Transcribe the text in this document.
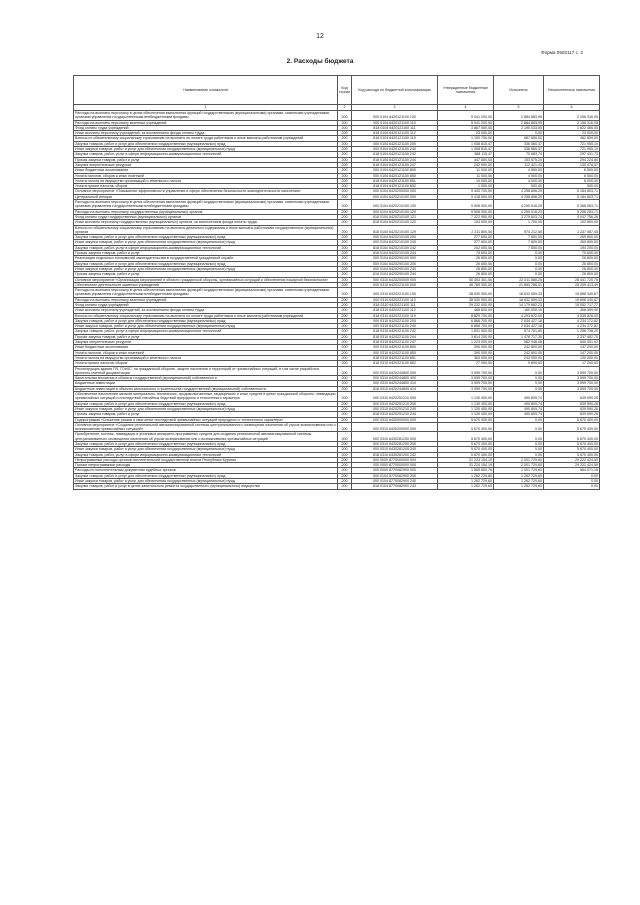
12
Форма 0503117 с. 2
2. Расходы бюджета
Наименование показателя	Код строки	Код расхода по бюджетной классификации	Утвержденные бюджетные назначения	Исполнено	Неисполненные назначения
1	2	3	4	5	6
Расходы на выплаты персоналу в целях обеспечения выполнения функций государственными (муниципальными) органами, казенными учреждениями, органами управления государственными внебюджетными фондами	200	000 0104 6420121100 100	5 041 200,00	2 884 883,95	2 156 316,05
Расходы на выплаты персоналу казенных учреждений	200	000 0104 6420121100 110	5 041 200,00	2 884 883,95	2 156 316,05
Фонд оплаты труда учреждений	200	818 0104 6420121100 111	3 867 500,00	2 195 033,50	1 622 466,50
Иные выплаты персоналу учреждений, за исключением фонда оплаты труда	200	818 0104 6420121100 112	23 000,00	0,00	23 000,00
Взносы по обязательному социальному страхованию на выплаты по оплате труда работников и иные выплаты работникам учреждений	200	818 0104 6420121100 119	1 150 700,00	687 850,00	462 850,00
Закупка товаров, работ и услуг для обеспечения государственных (муниципальных) нужд	200	000 0104 6420121100 200	1 058 815,47	336 560,37	721 955,10
Иные закупки товаров, работ и услуг для обеспечения государственных (муниципальных) нужд	200	000 0104 6420121100 240	1 058 815,47	336 560,37	721 955,10
Закупка товаров, работ, услуг в сфере информационно-коммуникационных технологий	200	818 0104 6420121100 242	368 115,47	70 683,74	297 431,73
Прочая закупка товаров, работ и услуг	200	818 0104 6420121100 244	447 800,00	153 575,20	294 224,80
Закупка энергетических ресурсов	200	818 0104 6420121100 247	242 900,00	112 421,43	130 478,57
Иные бюджетные ассигнования	200	000 0104 6420121100 800	11 000,00	4 500,00	6 500,00
Уплата налогов, сборов и иных платежей	200	000 0104 6420121100 850	11 000,00	4 500,00	6 500,00
Уплата налога на имущество организаций и земельного налога	200	818 0104 6420121100 851	10 000,00	4 000,00	6 000,00
Уплата прочих налогов, сборов	200	818 0104 6420121100 852	1 000,00	500,00	500,00
Основное мероприятие «Повышение эффективности управления в сфере обеспечения безопасности жизнедеятельности населения»	200	000 0104 6420200000 000	9 443 700,00	4 258 896,29	5 184 803,71
Центральный аппарат	200	000 0104 6420210100 000	9 418 900,00	4 258 896,29	5 184 803,71
Расходы на выплаты персоналу в целях обеспечения выполнения функций государственными (муниципальными) органами, казенными учреждениями, органами управления государственными внебюджетными фондами	200	000 0104 6420210100 100	9 508 300,00	4 250 016,29	5 366 063,71
Расходы на выплаты персоналу государственных (муниципальных) органов	200	000 0104 6420210100 120	9 508 300,00	4 250 016,29	5 258 283,71
Фонд оплаты труда государственных (муниципальных) органов	200	818 0104 6420210100 121	7 322 950,00	3 275 603,74	4 047 756,26
Иные выплаты персоналу государственных (муниципальных) органов, за исключением фонда оплаты труда	200	818 0104 6420210100 122	104 500,00	1 700,00	102 800,00
Взносы по обязательному социальному страхованию на выплаты денежного содержания и иные выплаты работникам государственных (муниципальных) органов	200	818 0104 6420210100 129	2 211 800,00	974 212,55	1 237 587,45
Закупка товаров, работ и услуг для обеспечения государственных (муниципальных) нужд	200	000 0104 6420210100 200	277 600,00	7 800,00	269 800,00
Иные закупки товаров, работ и услуг для обеспечения государственных (муниципальных) нужд	200	000 0104 6420210100 240	277 600,00	7 800,00	269 800,00
Закупка товаров, работ, услуг в сфере информационно-коммуникационных технологий	200	818 0104 6420210100 242	202 000,00	7 800,00	194 200,00
Прочая закупка товаров, работ и услуг	200	818 0104 6420210100 244	75 600,00	0,00	75 600,00
Реализация отдельных полномочий законодательства в государственной гражданской службе	200	000 0104 6420290100 000	26 800,00	0,00	26 800,00
Закупка товаров, работ и услуг для обеспечения государственных (муниципальных) нужд	200	000 0104 6420290100 200	26 800,00	0,00	26 800,00
Иные закупки товаров, работ и услуг для обеспечения государственных (муниципальных) нужд	200	000 0104 6420290100 240	26 800,00	0,00	26 800,00
Прочая закупка товаров, работ и услуг	200	818 0104 6420290100 244	26 800,00	0,00	26 800,00
Основное мероприятие «Организация мероприятий в области гражданской обороны, чрезвычайных ситуаций и обеспечения пожарной безопасности»	200	000 0310 6420200000 000	50 453 301,00	22 011 580,25	28 441 720,75
Обеспечение деятельности казенных учреждений	200	000 0310 6420221100 000	46 789 300,00	21 583 786,51	25 205 413,49
Расходы на выплаты персоналу в целях обеспечения выполнения функций государственными (муниципальными) органами, казенными учреждениями, органами управления государственными внебюджетными фондами	200	000 0310 6420221100 100	38 530 900,00	18 632 559,33	19 898 340,67
Расходы на выплаты персоналу казенных учреждений	200	000 0310 6420221100 110	38 530 900,00	18 632 559,33	19 898 340,67
Фонд оплаты труда учреждений	200	818 0310 6420221100 111	29 232 400,00	14 179 682,23	15 052 717,77
Иные выплаты персоналу учреждений, за исключением фонда оплаты труда	200	818 0310 6420221100 112	468 600,00	160 000,10	308 599,90
Взносы по обязательному социальному страхованию на выплаты по оплате труда работников и иные выплаты работникам учреждений	200	818 0310 6420221100 119	8 829 700,00	4 293 872,00	4 535 828,00
Закупка товаров, работ и услуг для обеспечения государственных (муниципальных) нужд	200	000 0310 6420221100 200	6 868 700,00	2 634 427,18	4 234 272,82
Иные закупки товаров, работ и услуг для обеспечения государственных (муниципальных) нужд	200	000 0310 6420221100 240	6 868 700,00	2 634 427,18	4 234 272,82
Закупка товаров, работ, услуг в сфере информационно-коммуникационных технологий	200	818 0310 6420221100 242	1 831 500,00	574 761,80	1 256 738,20
Прочая закупка товаров, работ и услуг	200	818 0310 6420221100 244	3 814 200,00	1 476 717,30	2 337 482,70
Закупка энергетических ресурсов	200	818 0310 6420221100 247	1 223 000,00	582 948,08	640 051,92
Иные бюджетные ассигнования	200	000 0310 6420221100 800	390 000,00	242 800,00	147 200,00
Уплата налогов, сборов и иных платежей	200	000 0310 6420221100 850	390 000,00	242 800,00	147 200,00
Уплата налога на имущество организаций и земельного налога	200	818 0310 6420221100 851	363 000,00	233 000,00	130 000,00
Уплата прочих налогов, сборов	200	818 0310 6420221100 852	27 000,00	9 800,00	17 200,00
Реконструкция здания ПЧ, ГОиЧС; на гражданской обороне, защите населения и территорий от чрезвычайных ситуаций, в том числе разработка проектно-сметной документации	200	000 0310 6420244800 000	3 599 700,00	0,00	3 599 700,00
Капитальные вложения в объекты государственной (муниципальной) собственности	200	000 0310 6420244800 400	3 599 700,00	0,00	3 599 700,00
Бюджетные инвестиции	200	000 0310 6420244800 410	3 599 700,00	0,00	3 599 700,00
Бюджетные инвестиции в объекты капитального строительства государственной (муниципальной) собственности	200	818 0310 6420244800 414	3 599 700,00	0,00	3 599 700,00
Обеспечение накопления запасов материально-технических, продовольственных, медицинских и иных средств в целях гражданской обороны, ликвидации чрезвычайных ситуаций и последствий стихийных бедствий природного и техногенного характера	200	000 0310 6420251210 000	1 130 400,00	490 809,74	639 590,26
Закупка товаров, работ и услуг для обеспечения государственных (муниципальных) нужд	200	000 0310 6420251210 200	1 130 400,00	490 809,74	639 590,26
Иные закупки товаров, работ и услуг для обеспечения государственных (муниципальных) нужд	200	000 0310 6420251210 240	1 130 400,00	490 809,74	639 590,26
Прочая закупка товаров, работ и услуг	200	818 0310 6420251210 244	1 130 400,00	490 809,74	639 590,26
Подпрограмма «Снижение рисков и смягчение последствий чрезвычайных ситуаций природного и техногенного характера»	200	000 0310 6430000000 000	5 670 400,00	0,00	5 670 400,00
Основное мероприятие «Создание региональной автоматизированной системы централизованного оповещения населения об угрозе возникновения или о возникновении чрезвычайных ситуаций»	200	000 0310 6430200000 000	5 670 400,00	0,00	5 670 400,00
Приобретение, монтаж, ликвидация и установка аппаратно-программных средств для создания региональной автоматизированной системы централизованного оповещения населения об угрозе возникновения или о возникновении чрезвычайных ситуаций	200	000 0310 6430281200 000	5 670 400,00	0,00	5 670 400,00
Закупка товаров, работ и услуг для обеспечения государственных (муниципальных) нужд	200	000 0310 6430281200 200	5 670 400,00	0,00	5 670 400,00
Иные закупки товаров, работ и услуг для обеспечения государственных (муниципальных) нужд	200	000 0310 6430281200 240	5 670 400,00	0,00	5 670 400,00
Закупка товаров, работ, услуг в сфере информационно-коммуникационных технологий	200	818 0310 6430281200 242	5 670 400,00	0,00	5 670 400,00
Непрограммные расходы органов исполнительной государственной власти Республики Бурятия	200	000 0000 8770000000 000	31 224 154,19	2 001 729,60	29 222 424,59
Прочие непрограммные расходы	200	000 0000 8770000000 000	31 224 154,19	2 001 729,60	29 222 424,59
Расходы по исполнительным документам судебных органов	200	000 0000 8770082900 000	1 565 800,76	1 001 729,60	564 071,16
Закупка товаров, работ и услуг для обеспечения государственных (муниципальных) нужд	200	000 0104 8770082900 200	1 262 729,60	1 262 729,60	0,00
Иные закупки товаров, работ и услуг для обеспечения государственных (муниципальных) нужд	200	000 0104 8770082900 240	1 262 729,60	1 262 729,60	0,00
Закупка товаров, работ и услуг в целях капитального ремонта государственного (муниципального) имущества	200	818 0104 8770082900 243	1 262 729,60	1 262 729,60	0,00
